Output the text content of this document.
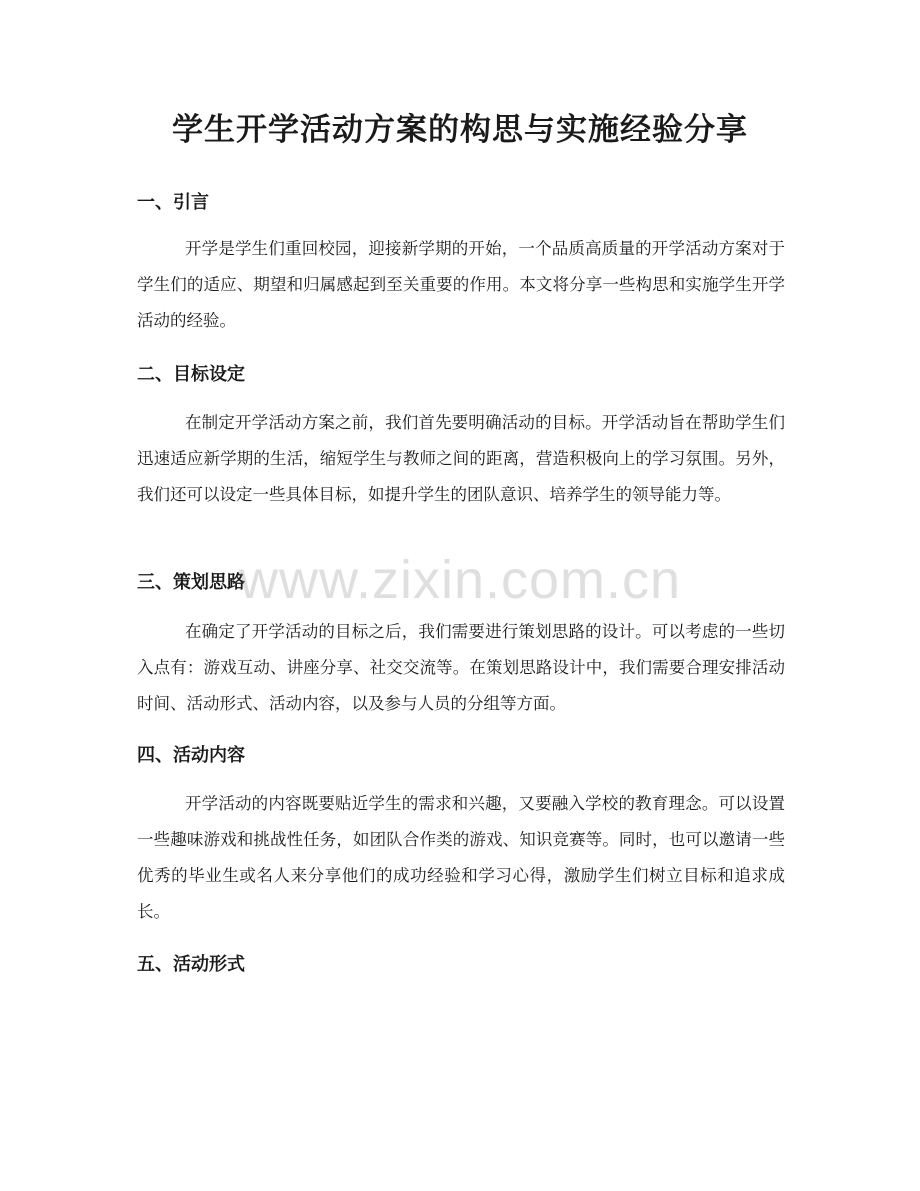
学生开学活动方案的构思与实施经验分享
一、引言

开学是学生们重回校园，迎接新学期的开始，一个品质高质量的开学活动方案对于学生们的适应、期望和归属感起到至关重要的作用。本文将分享一些构思和实施学生开学活动的经验。

二、目标设定

在制定开学活动方案之前，我们首先要明确活动的目标。开学活动旨在帮助学生们迅速适应新学期的生活，缩短学生与教师之间的距离，营造积极向上的学习氛围。另外，我们还可以设定一些具体目标，如提升学生的团队意识、培养学生的领导能力等。

三、策划思路

在确定了开学活动的目标之后，我们需要进行策划思路的设计。可以考虑的一些切入点有：游戏互动、讲座分享、社交交流等。在策划思路设计中，我们需要合理安排活动时间、活动形式、活动内容，以及参与人员的分组等方面。

四、活动内容

开学活动的内容既要贴近学生的需求和兴趣，又要融入学校的教育理念。可以设置一些趣味游戏和挑战性任务，如团队合作类的游戏、知识竞赛等。同时，也可以邀请一些优秀的毕业生或名人来分享他们的成功经验和学习心得，激励学生们树立目标和追求成长。

五、活动形式
www.zixin.com.cn
